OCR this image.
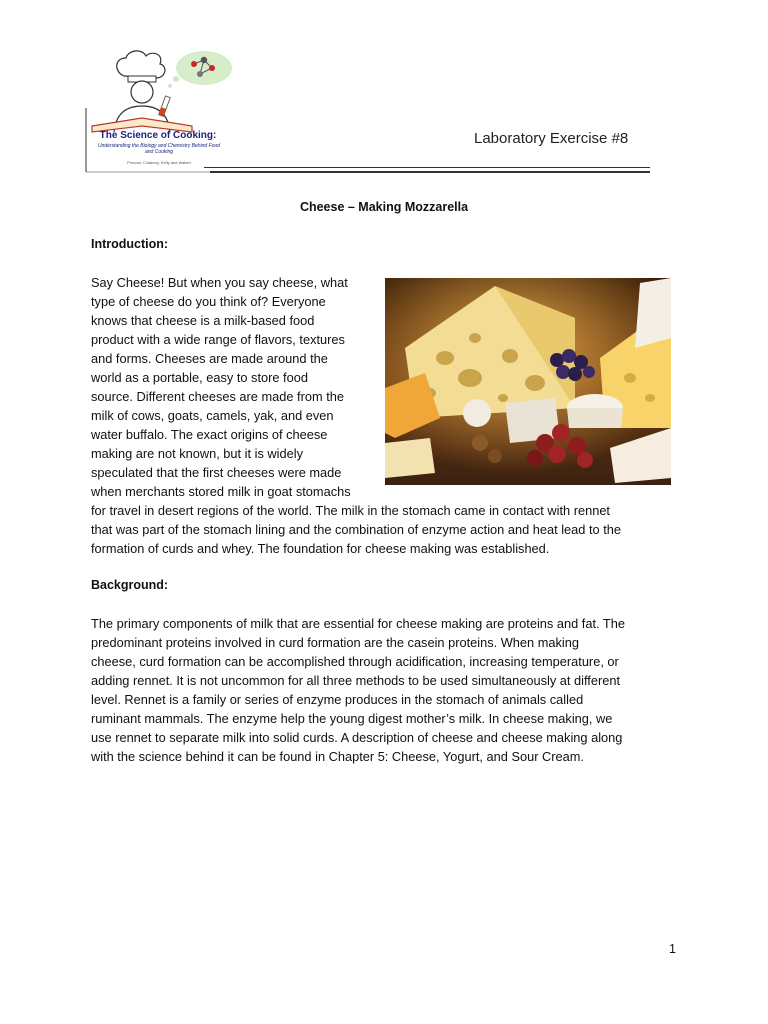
The Science of Cooking:
Understanding the Biology and Chemistry Behind Food and Cooking
Provost, Colabroy, Kelly and Wallert
Laboratory Exercise #8
Cheese – Making Mozzarella
Introduction:
Say Cheese! But when you say cheese, what
type of cheese do you think of? Everyone
knows that cheese is a milk-based food
product with a wide range of flavors, textures
and forms. Cheeses are made around the
world as a portable, easy to store food
source. Different cheeses are made from the
milk of cows, goats, camels, yak, and even
water buffalo. The exact origins of cheese
making are not known, but it is widely
speculated that the first cheeses were made
when merchants stored milk in goat stomachs
for travel in desert regions of the world. The milk in the stomach came in contact with rennet
that was part of the stomach lining and the combination of enzyme action and heat lead to the
formation of curds and whey. The foundation for cheese making was established.
Background:
The primary components of milk that are essential for cheese making are proteins and fat. The
predominant proteins involved in curd formation are the casein proteins. When making
cheese, curd formation can be accomplished through acidification, increasing temperature, or
adding rennet. It is not uncommon for all three methods to be used simultaneously at different
level. Rennet is a family or series of enzyme produces in the stomach of animals called
ruminant mammals. The enzyme help the young digest mother’s milk. In cheese making, we
use rennet to separate milk into solid curds. A description of cheese and cheese making along
with the science behind it can be found in Chapter 5: Cheese, Yogurt, and Sour Cream.
1
